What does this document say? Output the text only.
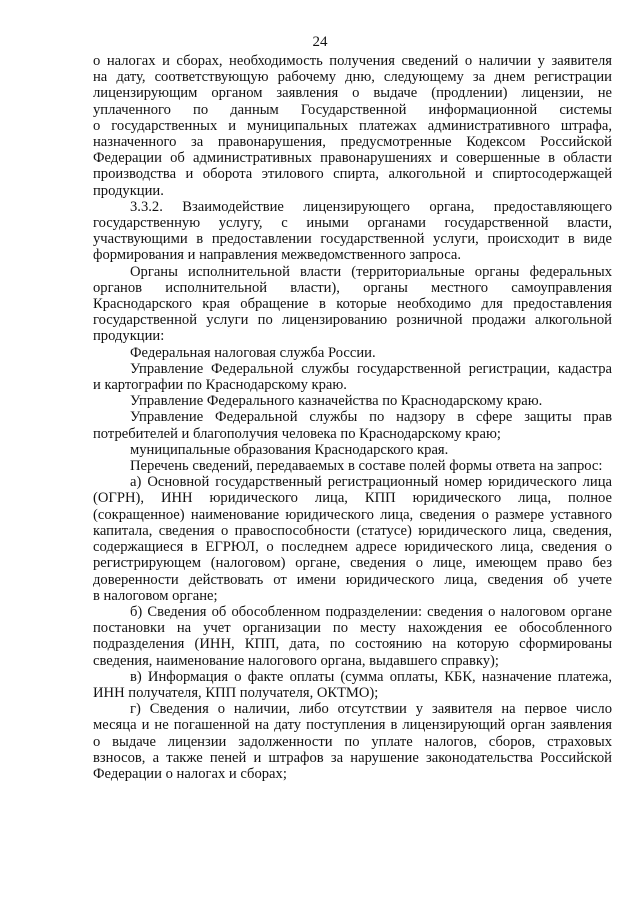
24
о налогах и сборах, необходимость получения сведений о наличии у заявителя
на дату, соответствующую рабочему дню, следующему за днем регистрации
лицензирующим органом заявления о выдаче (продлении) лицензии, не
уплаченного по данным Государственной информационной системы
о государственных и муниципальных платежах административного штрафа,
назначенного за правонарушения, предусмотренные Кодексом Российской
Федерации об административных правонарушениях и совершенные в области
производства и оборота этилового спирта, алкогольной и спиртосодержащей
продукции.
3.3.2. Взаимодействие лицензирующего органа, предоставляющего
государственную услугу, с иными органами государственной власти,
участвующими в предоставлении государственной услуги, происходит в виде
формирования и направления межведомственного запроса.
Органы исполнительной власти (территориальные органы федеральных
органов исполнительной власти), органы местного самоуправления
Краснодарского края обращение в которые необходимо для предоставления
государственной услуги по лицензированию розничной продажи алкогольной
продукции:
Федеральная налоговая служба России.
Управление Федеральной службы государственной регистрации, кадастра
и картографии по Краснодарскому краю.
Управление Федерального казначейства по Краснодарскому краю.
Управление Федеральной службы по надзору в сфере защиты прав
потребителей и благополучия человека по Краснодарскому краю;
муниципальные образования Краснодарского края.
Перечень сведений, передаваемых в составе полей формы ответа на запрос:
а) Основной государственный регистрационный номер юридического лица
(ОГРН), ИНН юридического лица, КПП юридического лица, полное
(сокращенное) наименование юридического лица, сведения о размере уставного
капитала, сведения о правоспособности (статусе) юридического лица, сведения,
содержащиеся в ЕГРЮЛ, о последнем адресе юридического лица, сведения о
регистрирующем (налоговом) органе, сведения о лице, имеющем право без
доверенности действовать от имени юридического лица, сведения об учете
в налоговом органе;
б) Сведения об обособленном подразделении: сведения о налоговом органе
постановки на учет организации по месту нахождения ее обособленного
подразделения (ИНН, КПП, дата, по состоянию на которую сформированы
сведения, наименование налогового органа, выдавшего справку);
в) Информация о факте оплаты (сумма оплаты, КБК, назначение платежа,
ИНН получателя, КПП получателя, ОКТМО);
г) Сведения о наличии, либо отсутствии у заявителя на первое число
месяца и не погашенной на дату поступления в лицензирующий орган заявления
о выдаче лицензии задолженности по уплате налогов, сборов, страховых
взносов, а также пеней и штрафов за нарушение законодательства Российской
Федерации о налогах и сборах;
